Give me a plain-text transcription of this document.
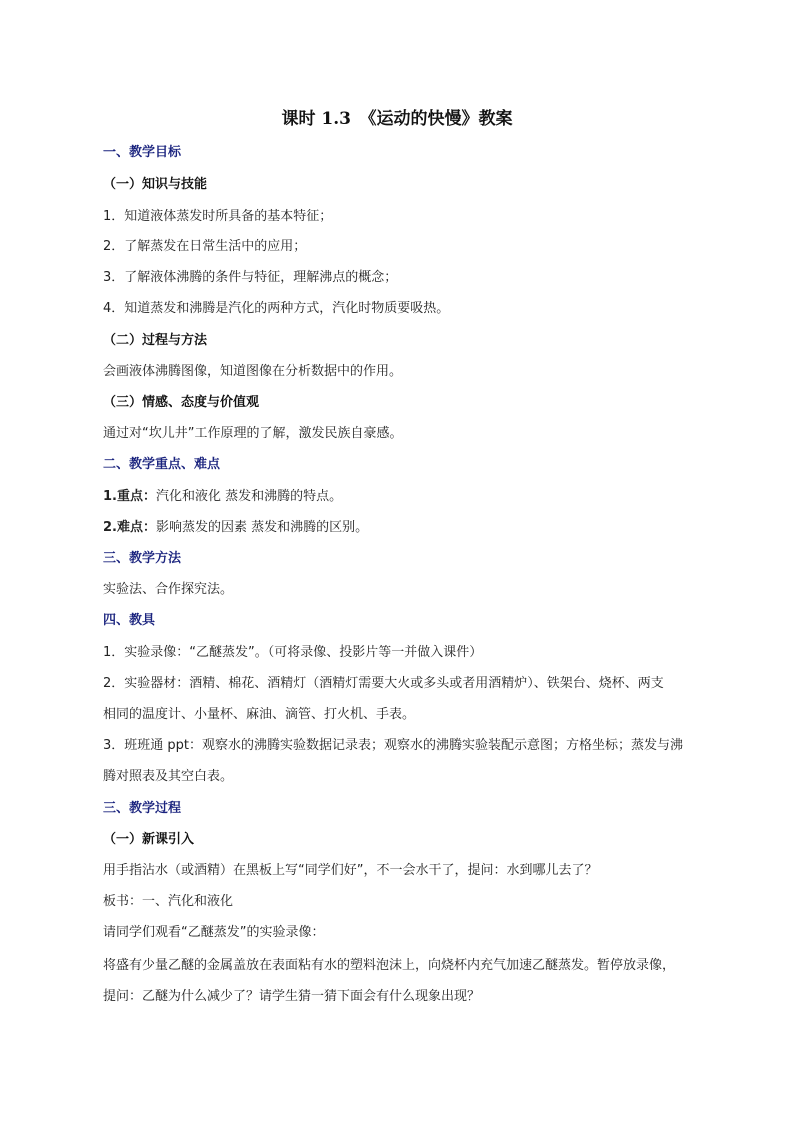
课时 1.3　《运动的快慢》教案
一、教学目标
（一）知识与技能
1．知道液体蒸发时所具备的基本特征；
2．了解蒸发在日常生活中的应用；
3．了解液体沸腾的条件与特征，理解沸点的概念；
4．知道蒸发和沸腾是汽化的两种方式，汽化时物质要吸热。
（二）过程与方法
会画液体沸腾图像，知道图像在分析数据中的作用。
（三）情感、态度与价值观
通过对“坎儿井”工作原理的了解，激发民族自豪感。
二、教学重点、难点
1.重点：汽化和液化 蒸发和沸腾的特点。
2.难点：影响蒸发的因素 蒸发和沸腾的区别。
三、教学方法
实验法、合作探究法。
四、教具
1．实验录像：“乙醚蒸发”。（可将录像、投影片等一并做入课件）
2．实验器材：酒精、棉花、酒精灯（酒精灯需要大火或多头或者用酒精炉）、铁架台、烧杯、两支
相同的温度计、小量杯、麻油、滴管、打火机、手表。
3．班班通 ppt：观察水的沸腾实验数据记录表；观察水的沸腾实验装配示意图；方格坐标；蒸发与沸
腾对照表及其空白表。
三、教学过程
（一）新课引入
用手指沾水（或酒精）在黑板上写“同学们好”，不一会水干了，提问：水到哪儿去了？
板书：一、汽化和液化
请同学们观看“乙醚蒸发”的实验录像：
将盛有少量乙醚的金属盖放在表面粘有水的塑料泡沫上，向烧杯内充气加速乙醚蒸发。暂停放录像，
提问：乙醚为什么减少了？请学生猜一猜下面会有什么现象出现？
